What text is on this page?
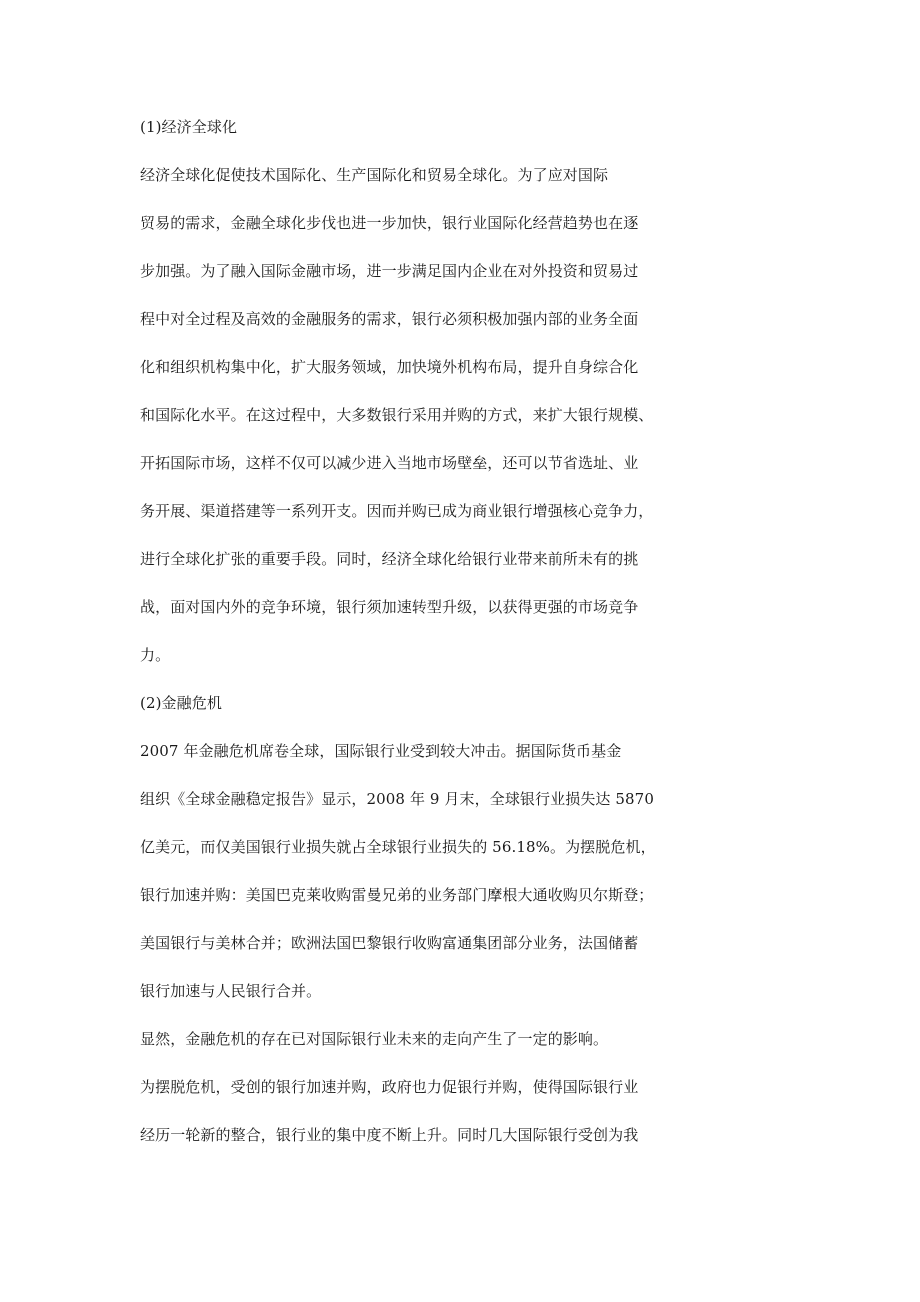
(1)经济全球化
经济全球化促使技术国际化、生产国际化和贸易全球化。为了应对国际
贸易的需求，金融全球化步伐也进一步加快，银行业国际化经营趋势也在逐
步加强。为了融入国际金融市场，进一步满足国内企业在对外投资和贸易过
程中对全过程及高效的金融服务的需求，银行必须积极加强内部的业务全面
化和组织机构集中化，扩大服务领域，加快境外机构布局，提升自身综合化
和国际化水平。在这过程中，大多数银行采用并购的方式，来扩大银行规模、
开拓国际市场，这样不仅可以减少进入当地市场壁垒，还可以节省选址、业
务开展、渠道搭建等一系列开支。因而并购已成为商业银行增强核心竞争力，
进行全球化扩张的重要手段。同时，经济全球化给银行业带来前所未有的挑
战，面对国内外的竞争环境，银行须加速转型升级，以获得更强的市场竞争
力。
(2)金融危机
2007 年金融危机席卷全球，国际银行业受到较大冲击。据国际货币基金
组织《全球金融稳定报告》显示，2008 年 9 月末，全球银行业损失达 5870
亿美元，而仅美国银行业损失就占全球银行业损失的 56.18%。为摆脱危机，
银行加速并购：美国巴克莱收购雷曼兄弟的业务部门摩根大通收购贝尔斯登；
美国银行与美林合并；欧洲法国巴黎银行收购富通集团部分业务，法国储蓄
银行加速与人民银行合并。
显然，金融危机的存在已对国际银行业未来的走向产生了一定的影响。
为摆脱危机，受创的银行加速并购，政府也力促银行并购，使得国际银行业
经历一轮新的整合，银行业的集中度不断上升。同时几大国际银行受创为我
